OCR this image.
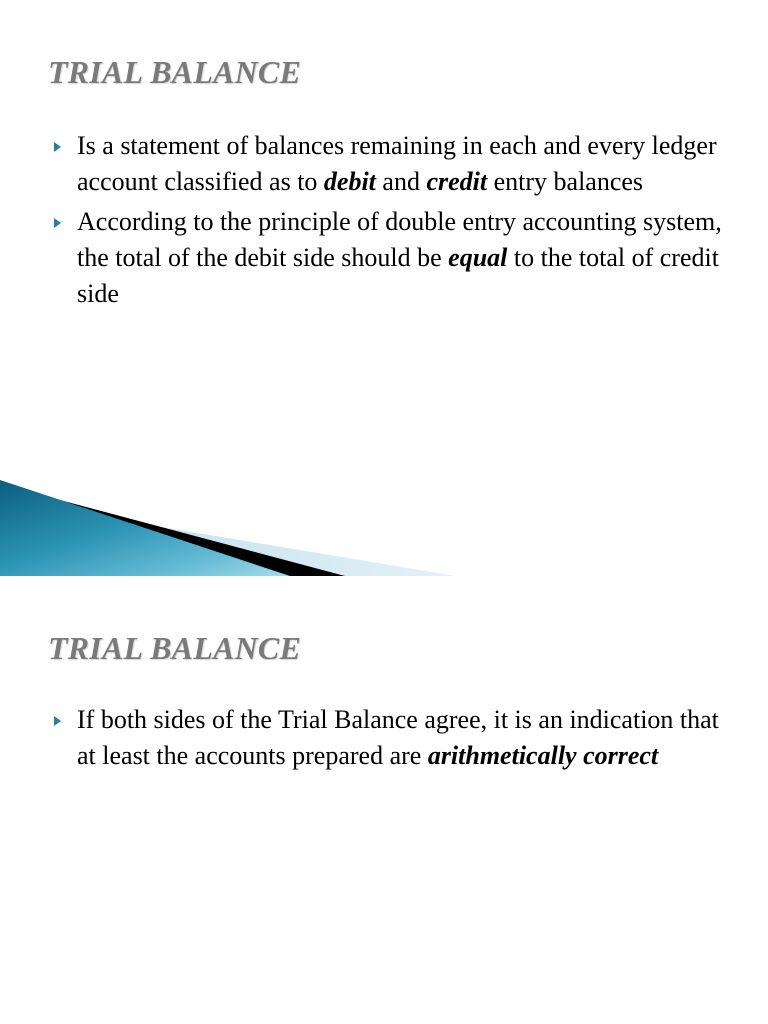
TRIAL BALANCE
Is a statement of balances remaining in each and every ledger account classified as to debit and credit entry balances
According to the principle of double entry accounting system, the total of the debit side should be equal to the total of credit side
TRIAL BALANCE
If both sides of the Trial Balance agree, it is an indication that at least the accounts prepared are arithmetically correct
